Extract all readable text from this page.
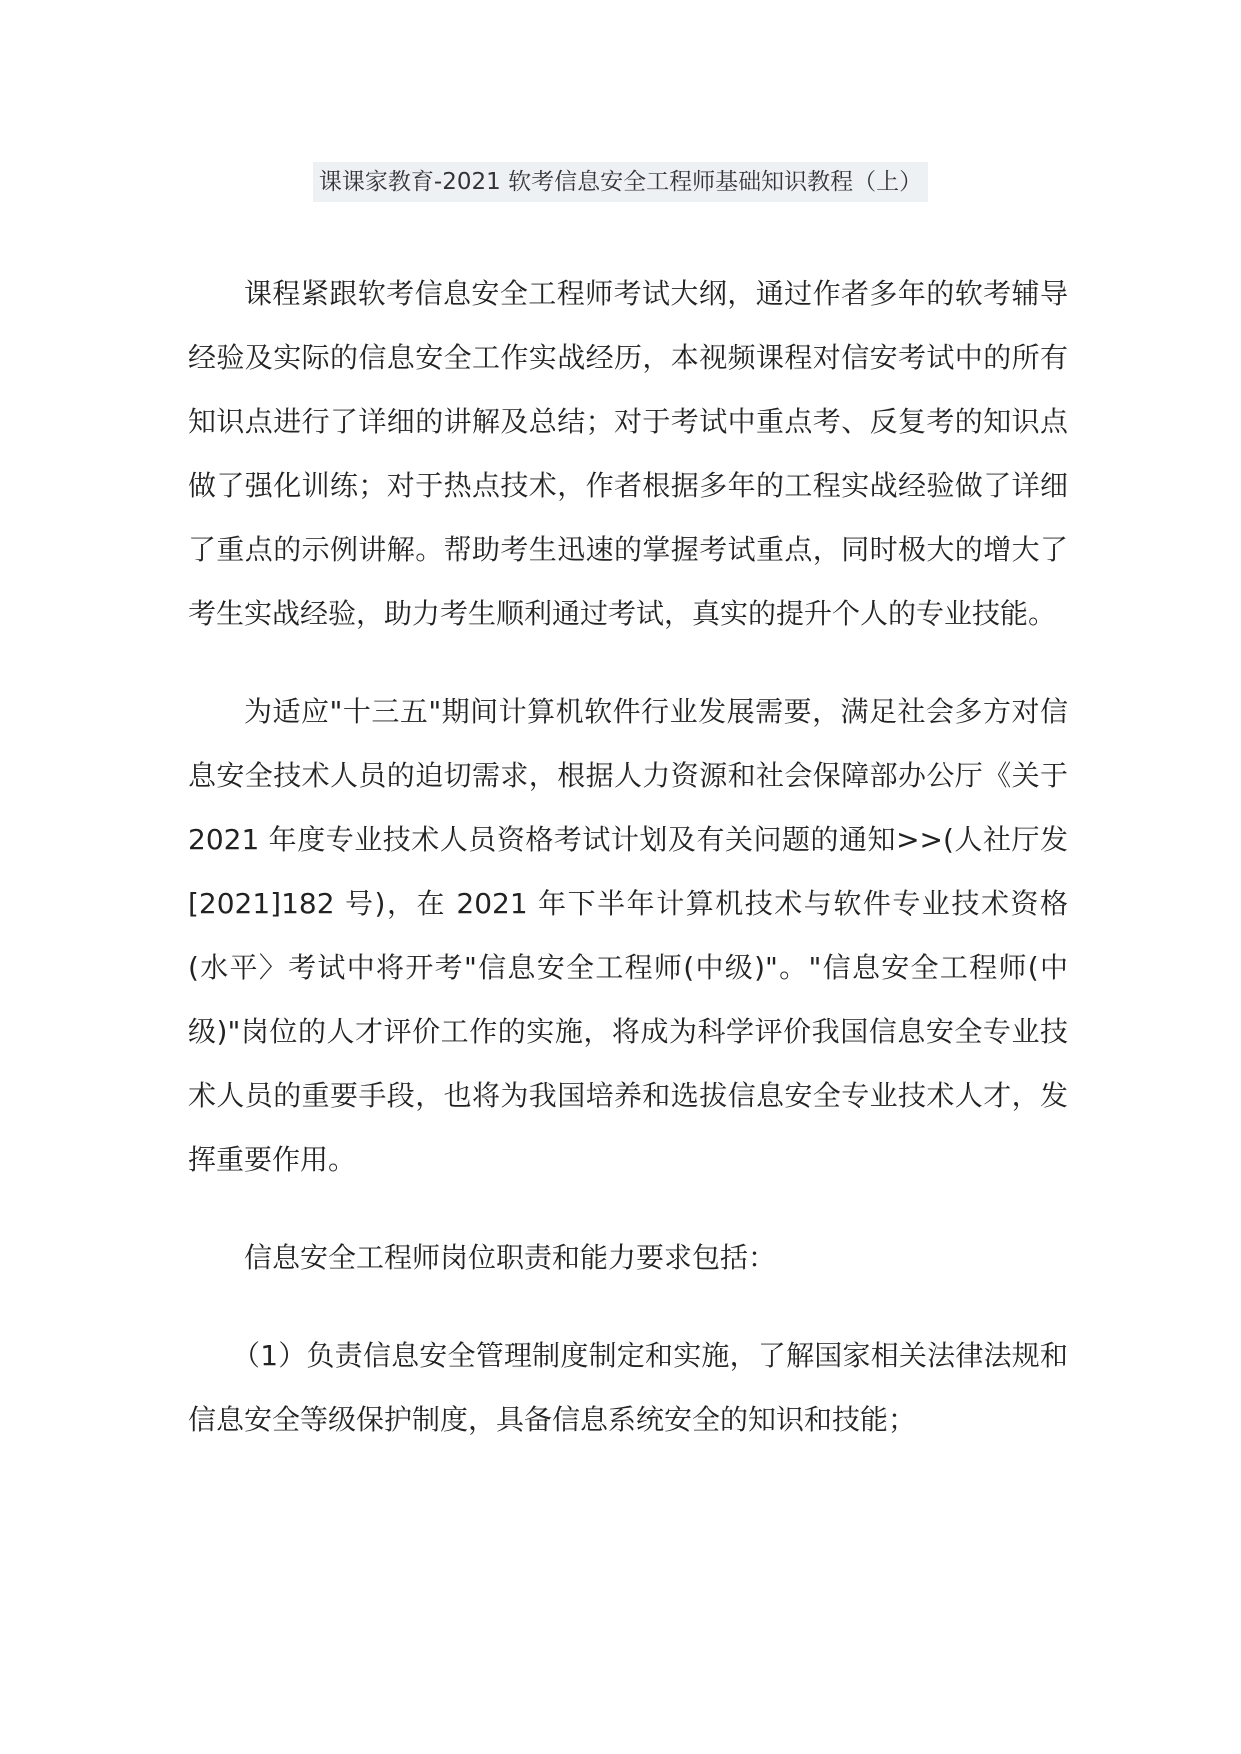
课课家教育-2021 软考信息安全工程师基础知识教程（上）

课程紧跟软考信息安全工程师考试大纲，通过作者多年的软考辅导经验及实际的信息安全工作实战经历，本视频课程对信安考试中的所有知识点进行了详细的讲解及总结；对于考试中重点考、反复考的知识点做了强化训练；对于热点技术，作者根据多年的工程实战经验做了详细了重点的示例讲解。帮助考生迅速的掌握考试重点，同时极大的增大了考生实战经验，助力考生顺利通过考试，真实的提升个人的专业技能。

为适应"十三五"期间计算机软件行业发展需要，满足社会多方对信息安全技术人员的迫切需求，根据人力资源和社会保障部办公厅《关于 2021 年度专业技术人员资格考试计划及有关问题的通知>>(人社厅发[2021]182 号)，在 2021 年下半年计算机技术与软件专业技术资格(水平〉考试中将开考"信息安全工程师(中级)"。"信息安全工程师(中级)"岗位的人才评价工作的实施，将成为科学评价我国信息安全专业技术人员的重要手段，也将为我国培养和选拔信息安全专业技术人才，发挥重要作用。

信息安全工程师岗位职责和能力要求包括：

（1）负责信息安全管理制度制定和实施，了解国家相关法律法规和信息安全等级保护制度，具备信息系统安全的知识和技能；
